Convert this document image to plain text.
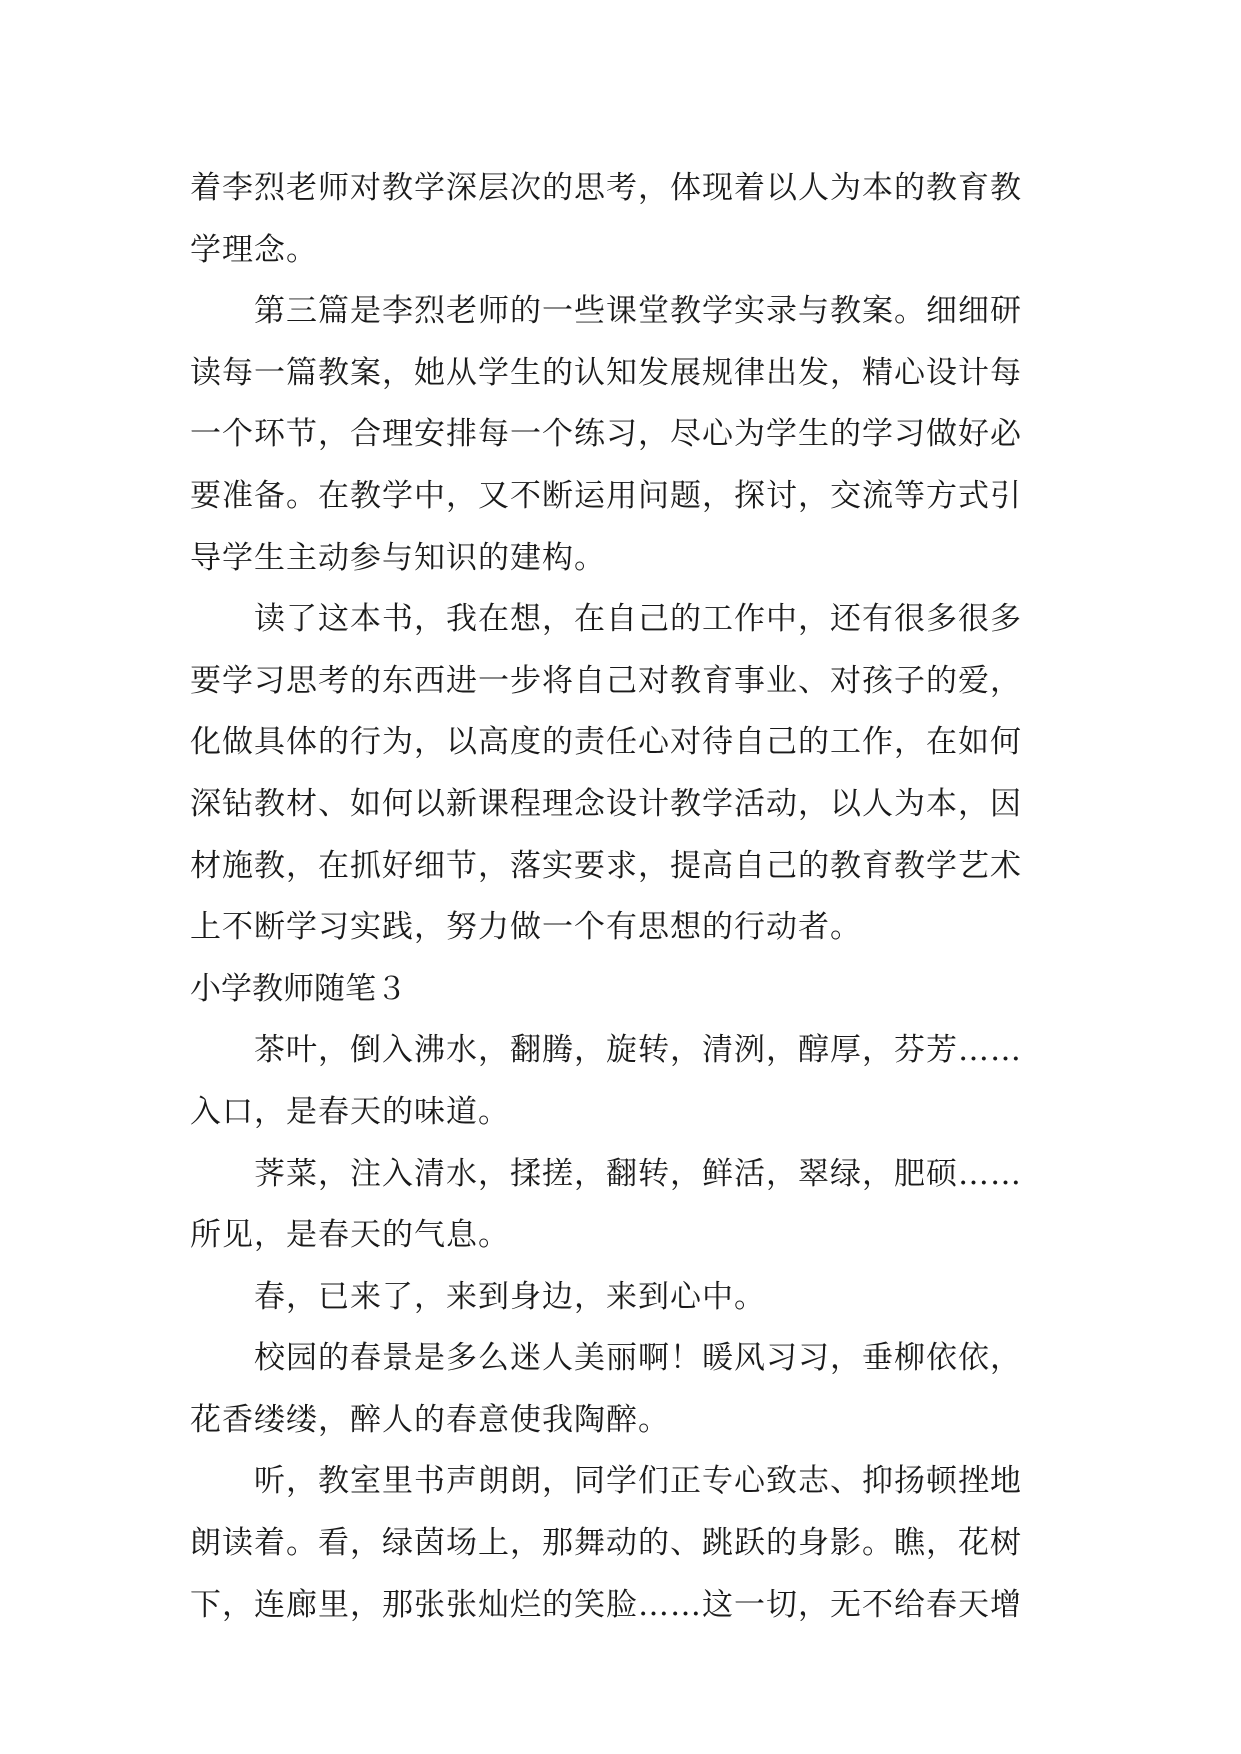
着李烈老师对教学深层次的思考，体现着以人为本的教育教
学理念。
第三篇是李烈老师的一些课堂教学实录与教案。细细研
读每一篇教案，她从学生的认知发展规律出发，精心设计每
一个环节，合理安排每一个练习，尽心为学生的学习做好必
要准备。在教学中，又不断运用问题，探讨，交流等方式引
导学生主动参与知识的建构。
读了这本书，我在想，在自己的工作中，还有很多很多
要学习思考的东西进一步将自己对教育事业、对孩子的爱，
化做具体的行为，以高度的责任心对待自己的工作，在如何
深钻教材、如何以新课程理念设计教学活动，以人为本，因
材施教，在抓好细节，落实要求，提高自己的教育教学艺术
上不断学习实践，努力做一个有思想的行动者。
小学教师随笔３
茶叶，倒入沸水，翻腾，旋转，清洌，醇厚，芬芳……
入口，是春天的味道。
荠菜，注入清水，揉搓，翻转，鲜活，翠绿，肥硕……
所见，是春天的气息。
春，已来了，来到身边，来到心中。
校园的春景是多么迷人美丽啊！暖风习习，垂柳依依，
花香缕缕，醉人的春意使我陶醉。
听，教室里书声朗朗，同学们正专心致志、抑扬顿挫地
朗读着。看，绿茵场上，那舞动的、跳跃的身影。瞧，花树
下，连廊里，那张张灿烂的笑脸……这一切，无不给春天增
